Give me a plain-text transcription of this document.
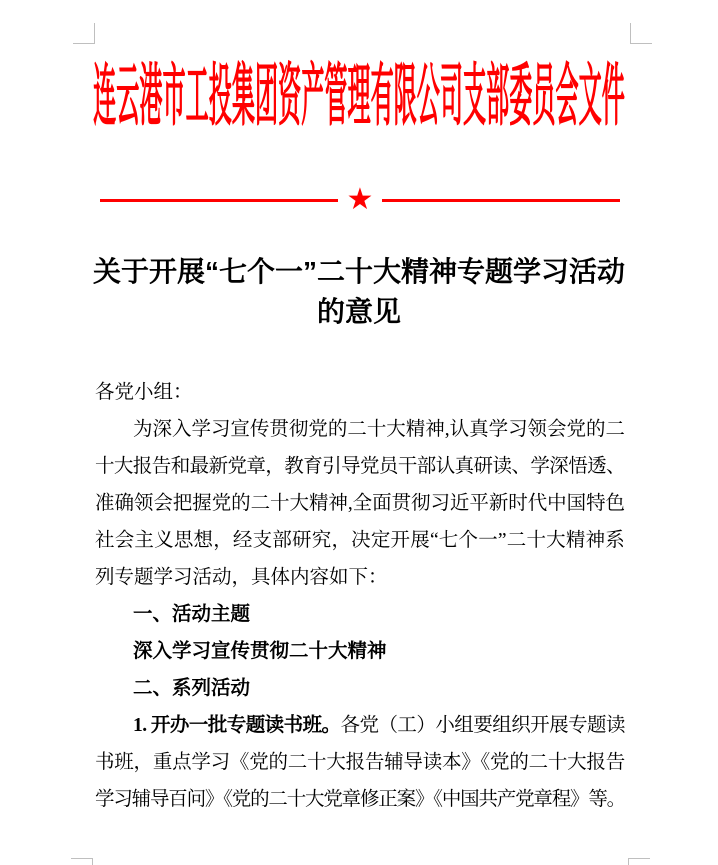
连云港市工投集团资产管理有限公司支部委员会文件
★
关于开展“七个一”二十大精神专题学习活动
的意见
各党小组：
为深入学习宣传贯彻党的二十大精神,认真学习领会党的二
十大报告和最新党章，教育引导党员干部认真研读、学深悟透、
准确领会把握党的二十大精神,全面贯彻习近平新时代中国特色
社会主义思想，经支部研究，决定开展“七个一”二十大精神系
列专题学习活动，具体内容如下：
一、活动主题
深入学习宣传贯彻二十大精神
二、系列活动
1. 开办一批专题读书班。各党（工）小组要组织开展专题读
书班，重点学习《党的二十大报告辅导读本》《党的二十大报告
学习辅导百问》《党的二十大党章修正案》《中国共产党章程》等。
